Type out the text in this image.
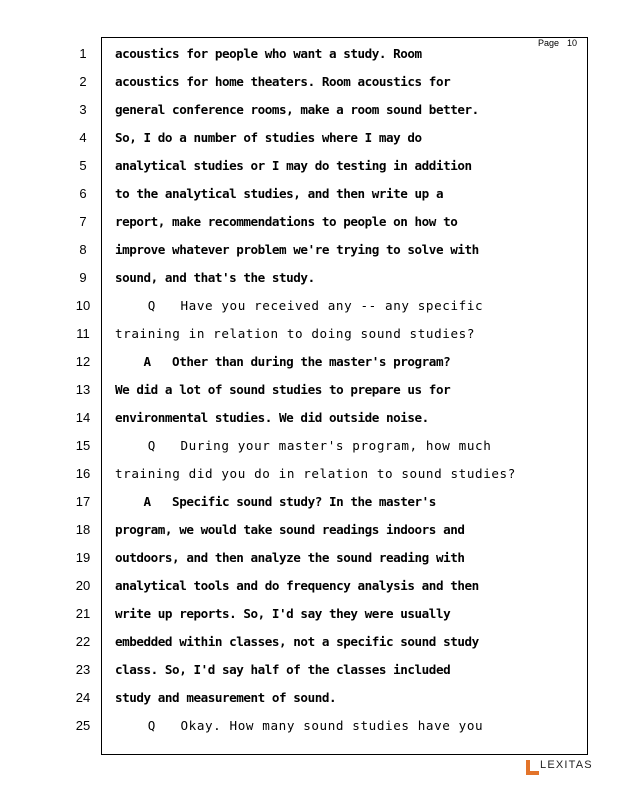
Page 10
1	acoustics for people who want a study. Room
2	acoustics for home theaters. Room acoustics for
3	general conference rooms, make a room sound better.
4	So, I do a number of studies where I may do
5	analytical studies or I may do testing in addition
6	to the analytical studies, and then write up a
7	report, make recommendations to people on how to
8	improve whatever problem we're trying to solve with
9	sound, and that's the study.
10	Q   Have you received any -- any specific
11	training in relation to doing sound studies?
12	A   Other than during the master's program?
13	We did a lot of sound studies to prepare us for
14	environmental studies. We did outside noise.
15	Q   During your master's program, how much
16	training did you do in relation to sound studies?
17	A   Specific sound study? In the master's
18	program, we would take sound readings indoors and
19	outdoors, and then analyze the sound reading with
20	analytical tools and do frequency analysis and then
21	write up reports. So, I'd say they were usually
22	embedded within classes, not a specific sound study
23	class. So, I'd say half of the classes included
24	study and measurement of sound.
25	Q   Okay. How many sound studies have you
LEXITAS
